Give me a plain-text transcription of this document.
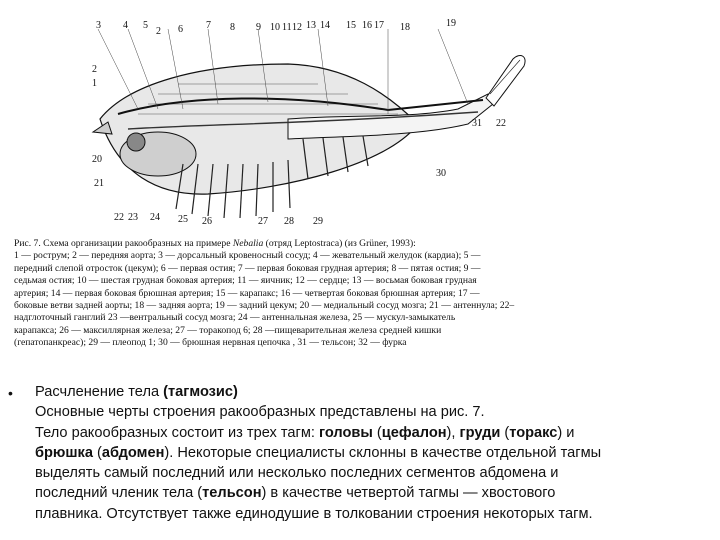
3 4 5
2 6 7 8 9 10 11 12 13 14 15 16 17 18	19
2
1
20
21
22 23 24 25 26	27 28 29
31 22
30

Рис. 7. Схема организации ракообразных на примере Nebalia (отряд Leptostraca) (из Grüner, 1993):

1 — рострум; 2 — передняя аорта; 3 — дорсальный кровеносный сосуд; 4 — жевательный желудок (кардиа); 5 —

передний слепой отросток (цекум); 6 — первая остия; 7 — первая боковая грудная артерия; 8 — пятая остия; 9 —

седьмая остия; 10 — шестая грудная боковая артерия; 11 — яичник; 12 — сердце; 13 — восьмая боковая грудная

артерия; 14 — первая боковая брюшная артерия; 15 — карапакс; 16 — четвертая боковая брюшная артерия; 17 —

боковые ветви задней аорты; 18 — задняя аорта; 19 — задний цекум; 20 — медиальный сосуд мозга; 21 — антеннула; 22–

надглоточный ганглий 23 —вентральный сосуд мозга; 24 — антеннальная железа, 25 — мускул-замыкатель

карапакса; 26 — максиллярная железа; 27 — торакопод 6; 28 —пищеварительная железа средней кишки

(гепатопанкреас); 29 — плеопод 1; 30 — брюшная нервная цепочка , 31 — тельсон; 32 — фурка

• Расчленение тела (тагмозис)

Основные черты строения ракообразных представлены на рис. 7.

Тело ракообразных состоит из трех тагм: головы (цефалон), груди (торакс) и

брюшка (абдомен). Некоторые специалисты склонны в качестве отдельной тагмы

выделять самый последний или несколько последних сегментов абдомена и

последний членик тела (тельсон) в качестве четвертой тагмы — хвостового

плавника. Отсутствует также единодушие в толковании строения некоторых тагм.
